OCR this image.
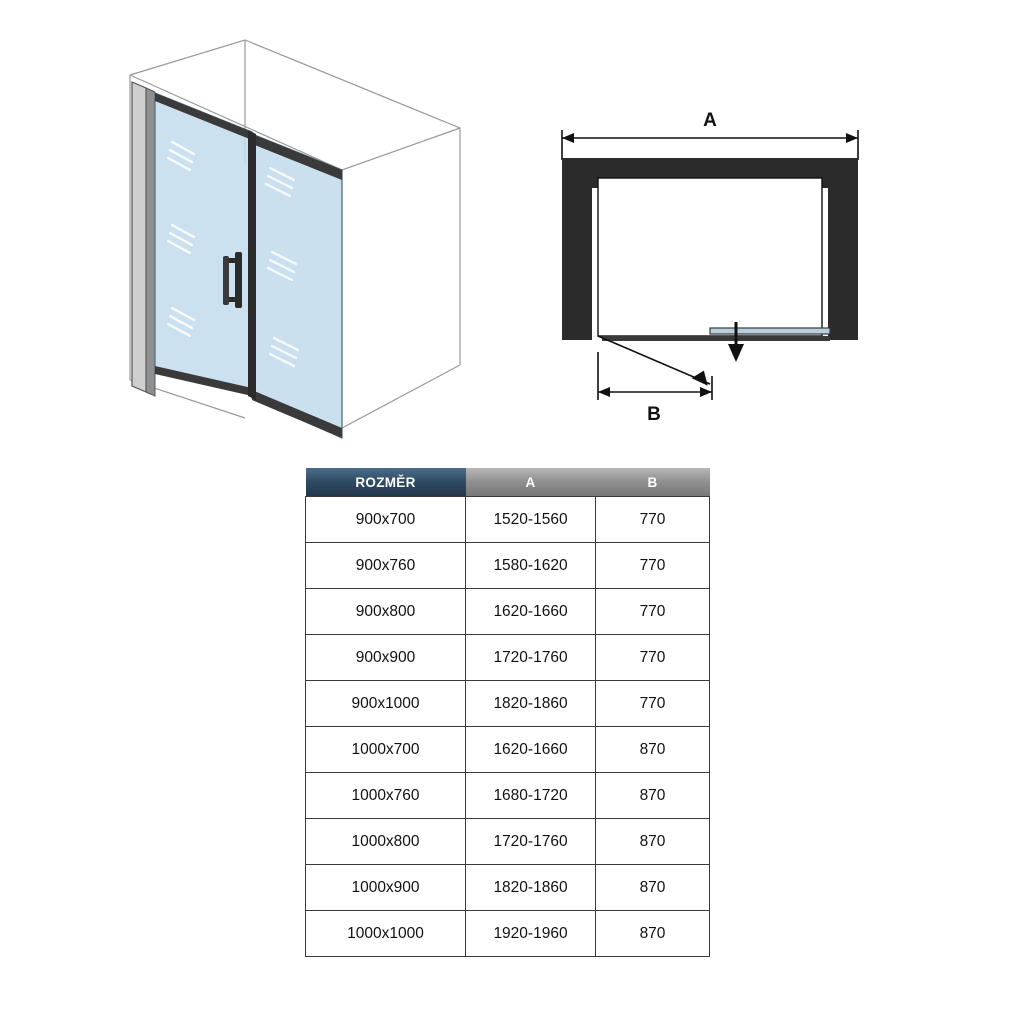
A
B
ROZMĚR	A	B
900x700	1520-1560	770
900x760	1580-1620	770
900x800	1620-1660	770
900x900	1720-1760	770
900x1000	1820-1860	770
1000x700	1620-1660	870
1000x760	1680-1720	870
1000x800	1720-1760	870
1000x900	1820-1860	870
1000x1000	1920-1960	870
